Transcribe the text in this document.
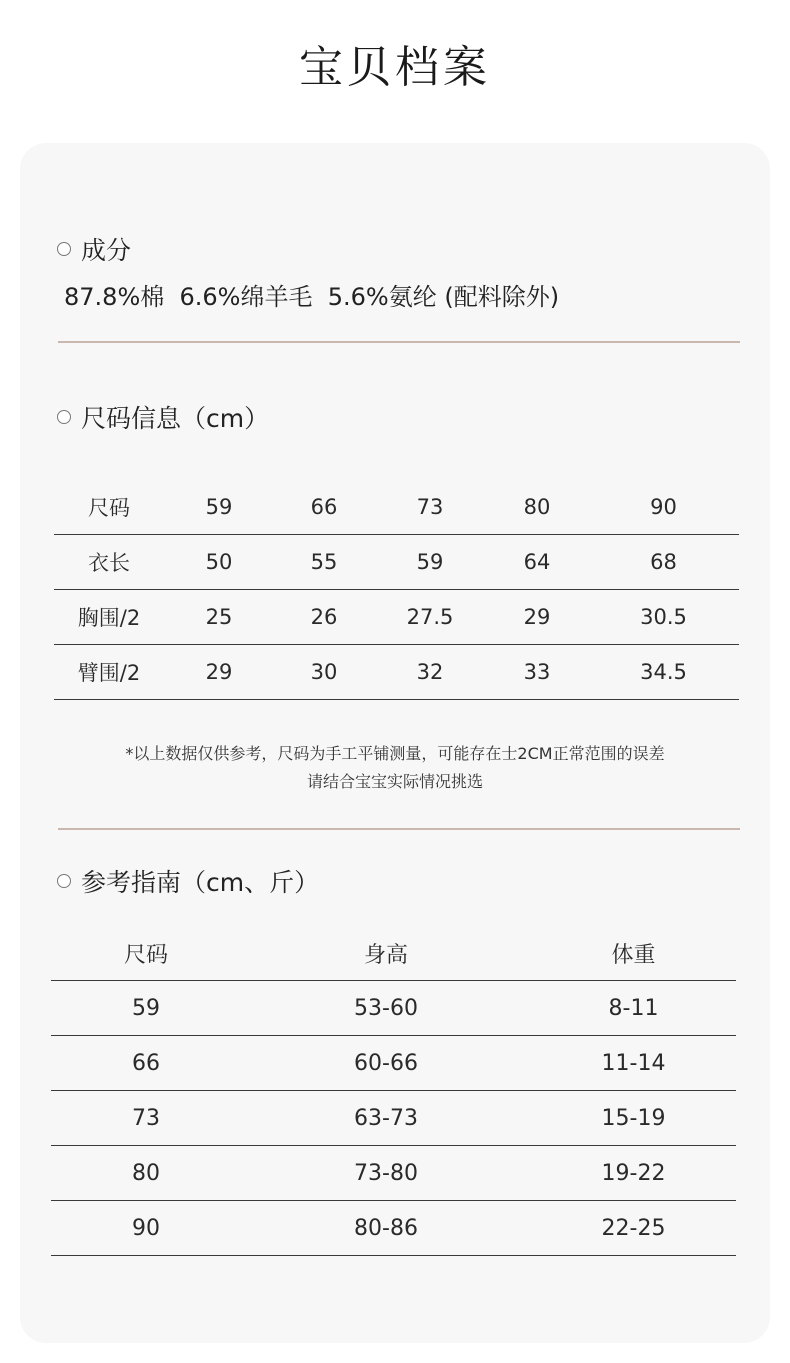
宝贝档案
成分
87.8%棉  6.6%绵羊毛  5.6%氨纶 (配料除外)
尺码信息（cm）
尺码	59	66	73	80	90
衣长	50	55	59	64	68
胸围/2	25	26	27.5	29	30.5
臂围/2	29	30	32	33	34.5
*以上数据仅供参考，尺码为手工平铺测量，可能存在士2CM正常范围的误差
请结合宝宝实际情况挑选
参考指南（cm、斤）
尺码	身高	体重
59	53-60	8-11
66	60-66	11-14
73	63-73	15-19
80	73-80	19-22
90	80-86	22-25
